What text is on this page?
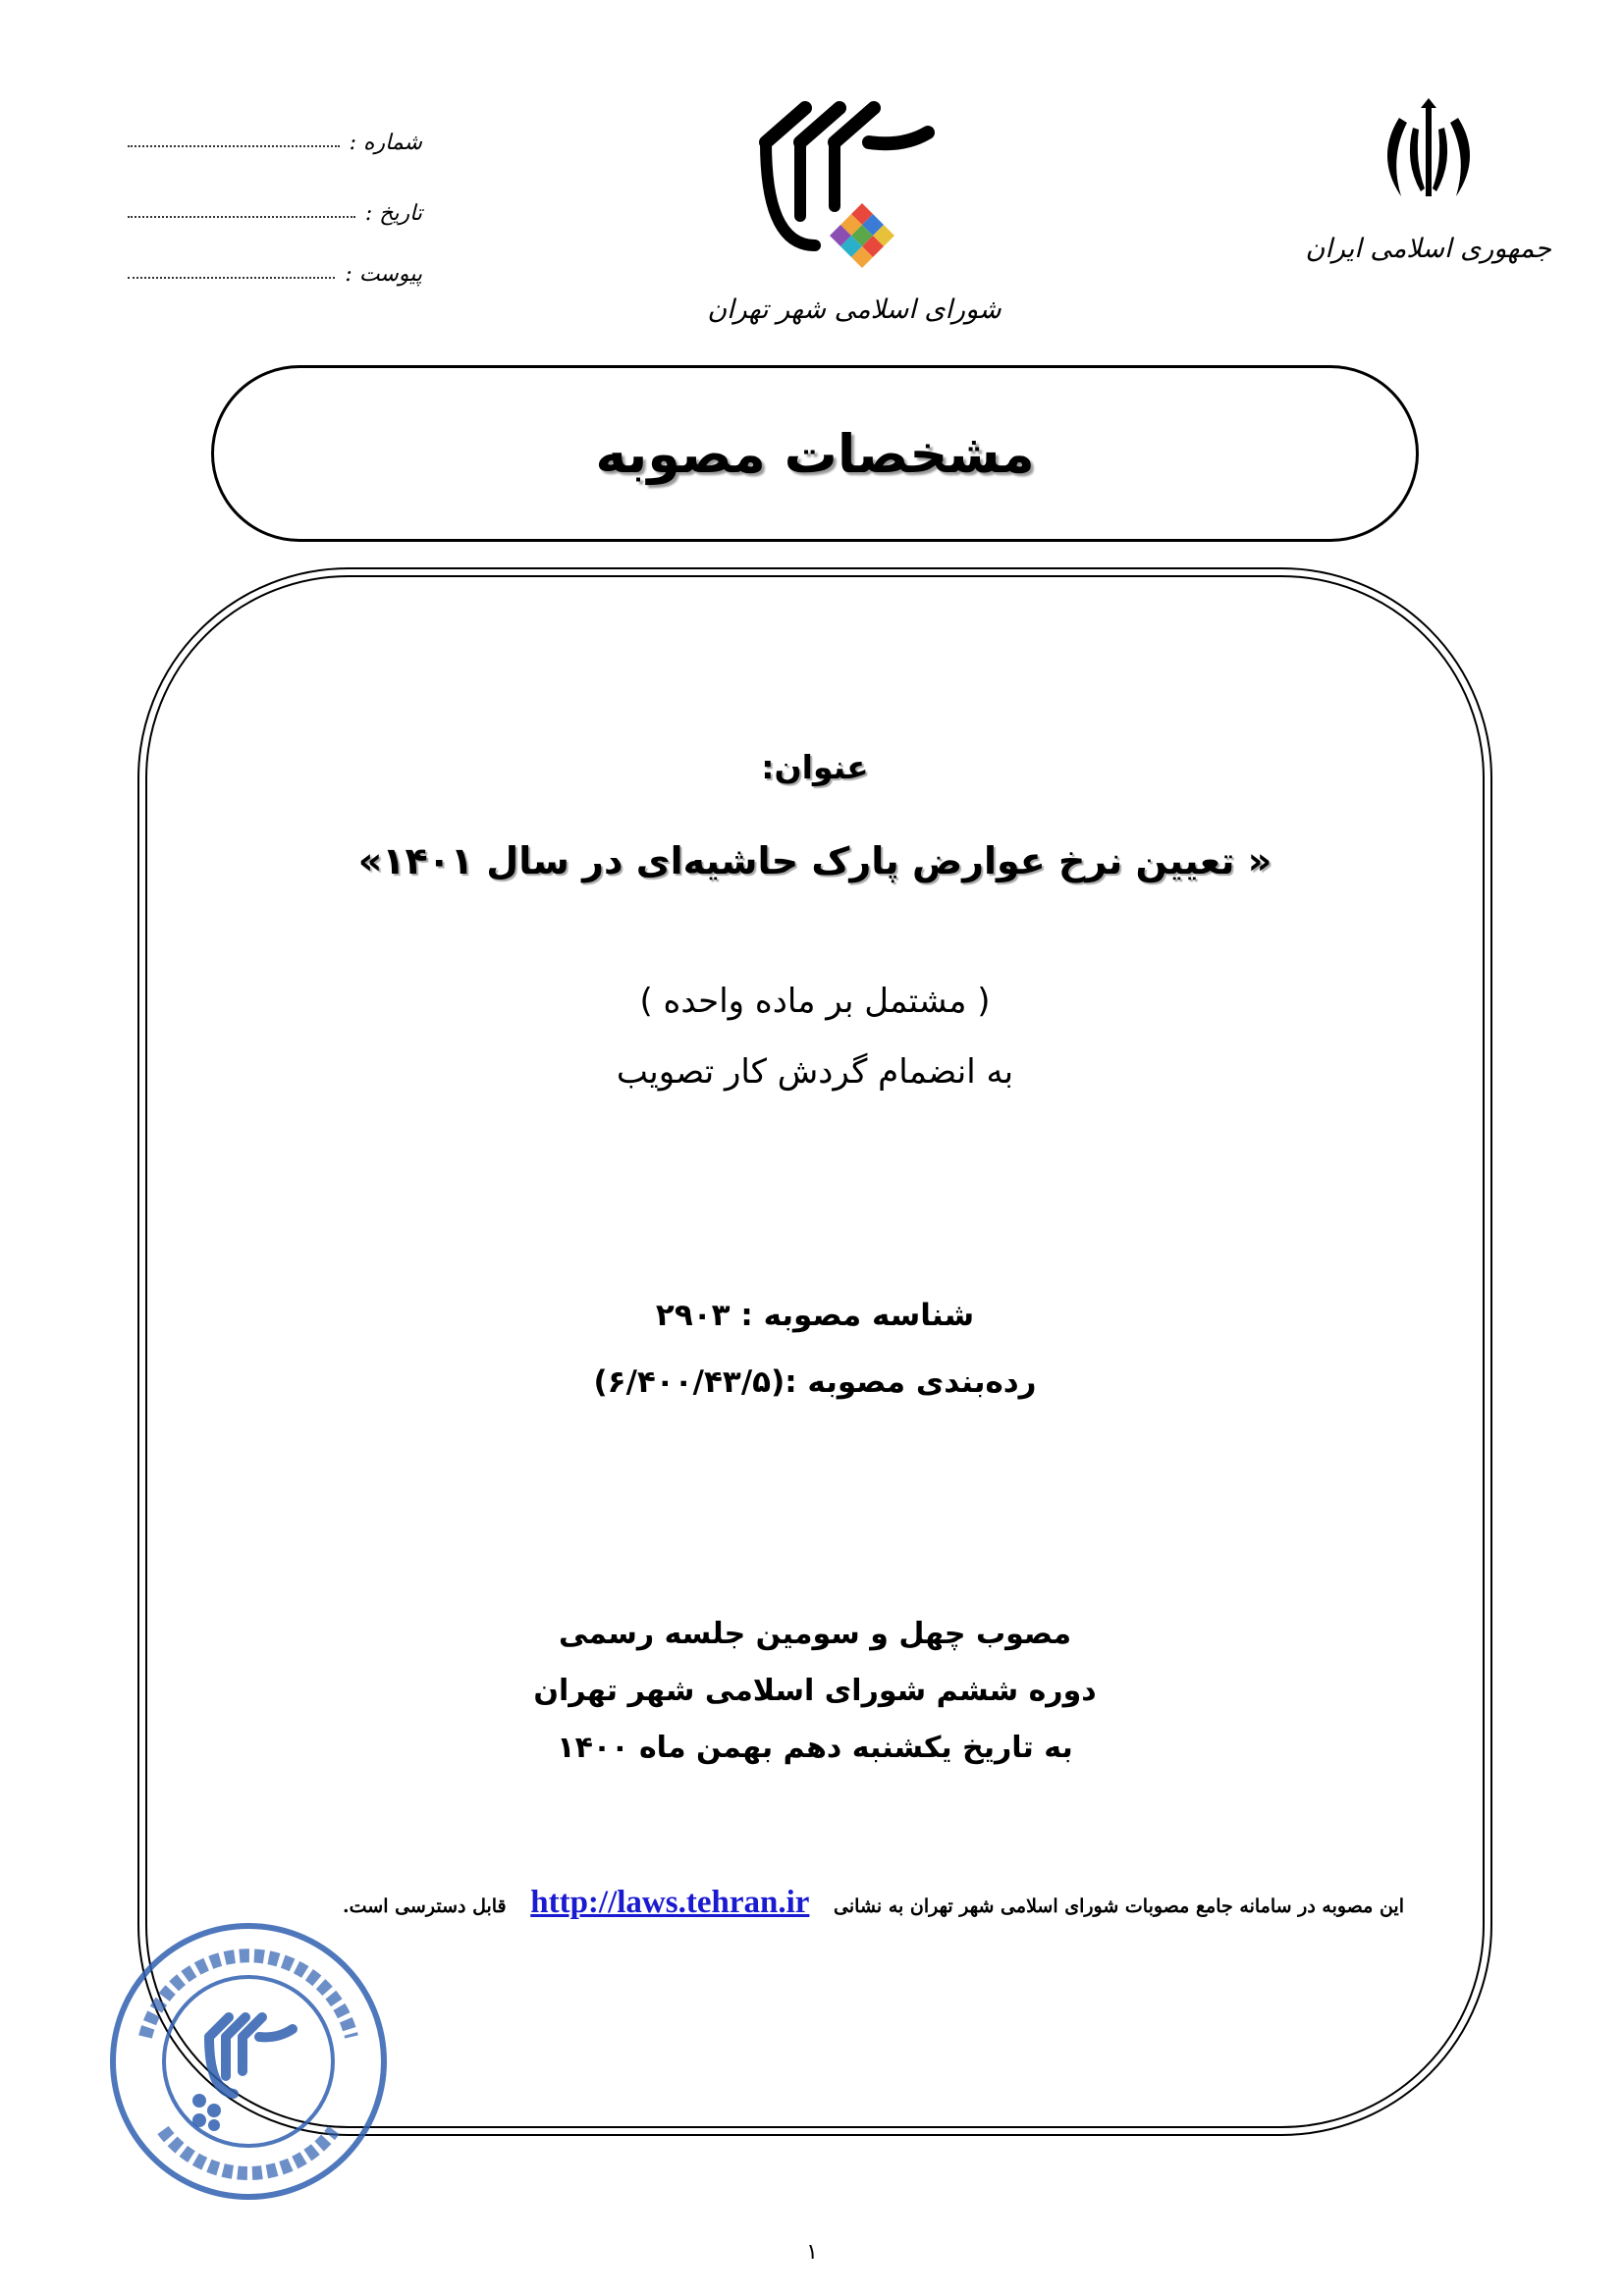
شماره :
تاریخ :
پیوست :
شورای اسلامی شهر تهران
جمهوری اسلامی ایران
مشخصات مصوبه
عنوان:
« تعیین نرخ عوارض پارک حاشیه‌ای در سال ۱۴۰۱»
( مشتمل بر ماده واحده )
به انضمام گردش کار تصویب
شناسه مصوبه : ۲۹۰۳
رده‌بندی مصوبه :(۶/۴۰۰/۴۳/۵)
مصوب چهل و سومین جلسه رسمی
دوره ششم شورای اسلامی شهر تهران
به تاریخ یکشنبه دهم بهمن ماه ۱۴۰۰
این مصوبه در سامانه جامع مصوبات شورای اسلامی شهر تهران به نشانی http://laws.tehran.ir قابل دسترسی است.
۱
